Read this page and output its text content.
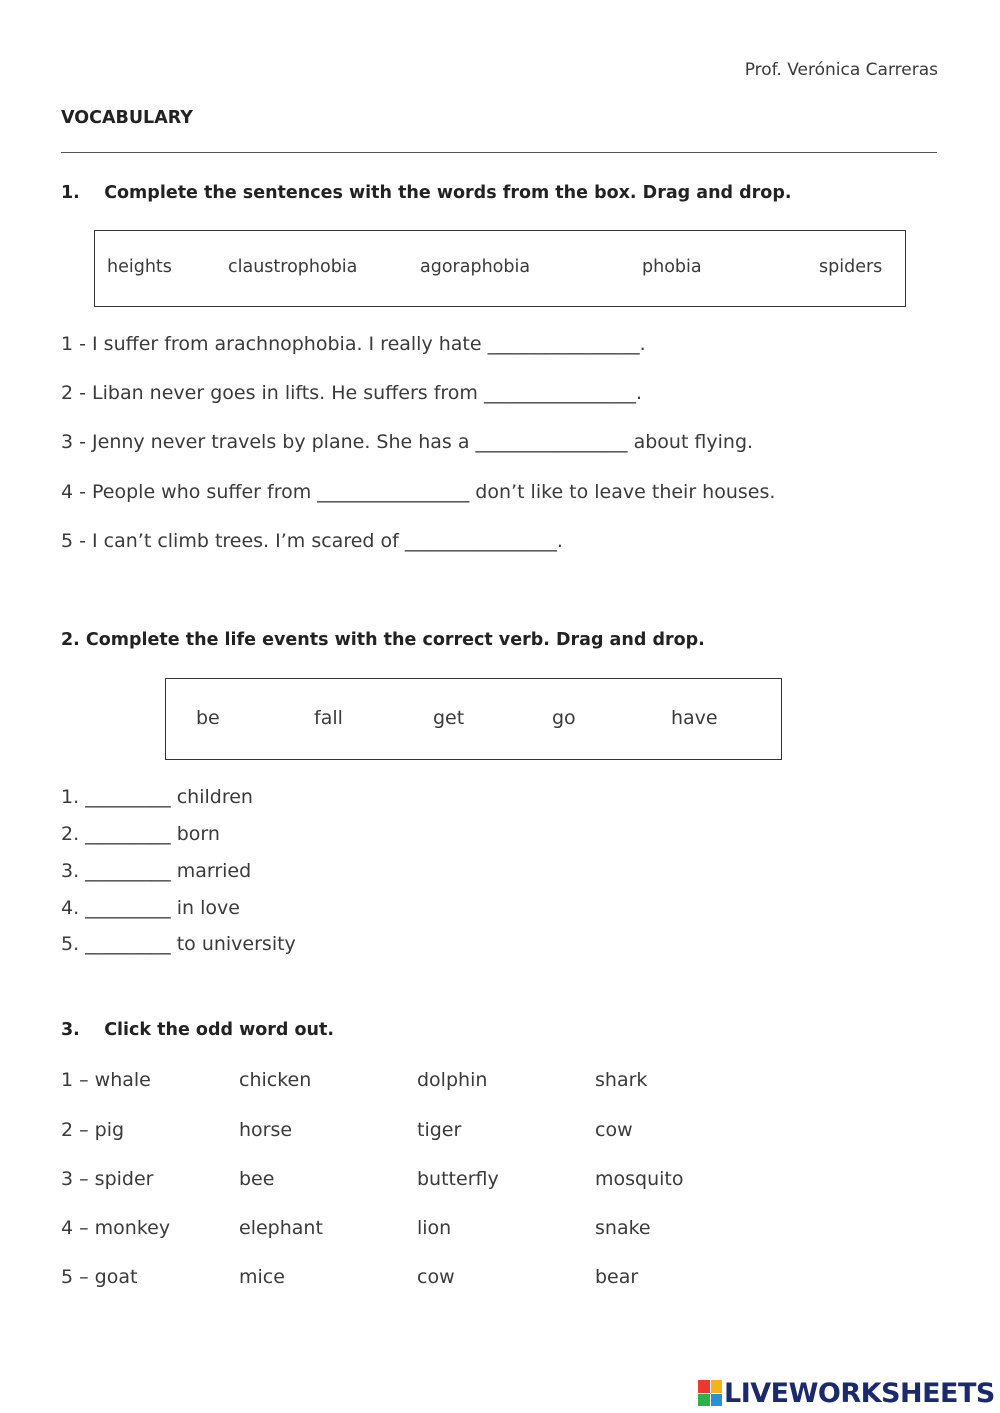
Prof. Verónica Carreras
VOCABULARY
1.    Complete the sentences with the words from the box. Drag and drop.
heights	claustrophobia	agoraphobia	phobia	spiders
1 - I suffer from arachnophobia. I really hate ________________.
2 - Liban never goes in lifts. He suffers from ________________.
3 - Jenny never travels by plane. She has a ________________ about flying.
4 - People who suffer from ________________ don’t like to leave their houses.
5 - I can’t climb trees. I’m scared of ________________.
2. Complete the life events with the correct verb. Drag and drop.
be	fall	get	go	have
1. _________ children
2. _________ born
3. _________ married
4. _________ in love
5. _________ to university
3.    Click the odd word out.
1 – whale	chicken	dolphin	shark
2 – pig	horse	tiger	cow
3 – spider	bee	butterfly	mosquito
4 – monkey	elephant	lion	snake
5 – goat	mice	cow	bear
LIVEWORKSHEETS
